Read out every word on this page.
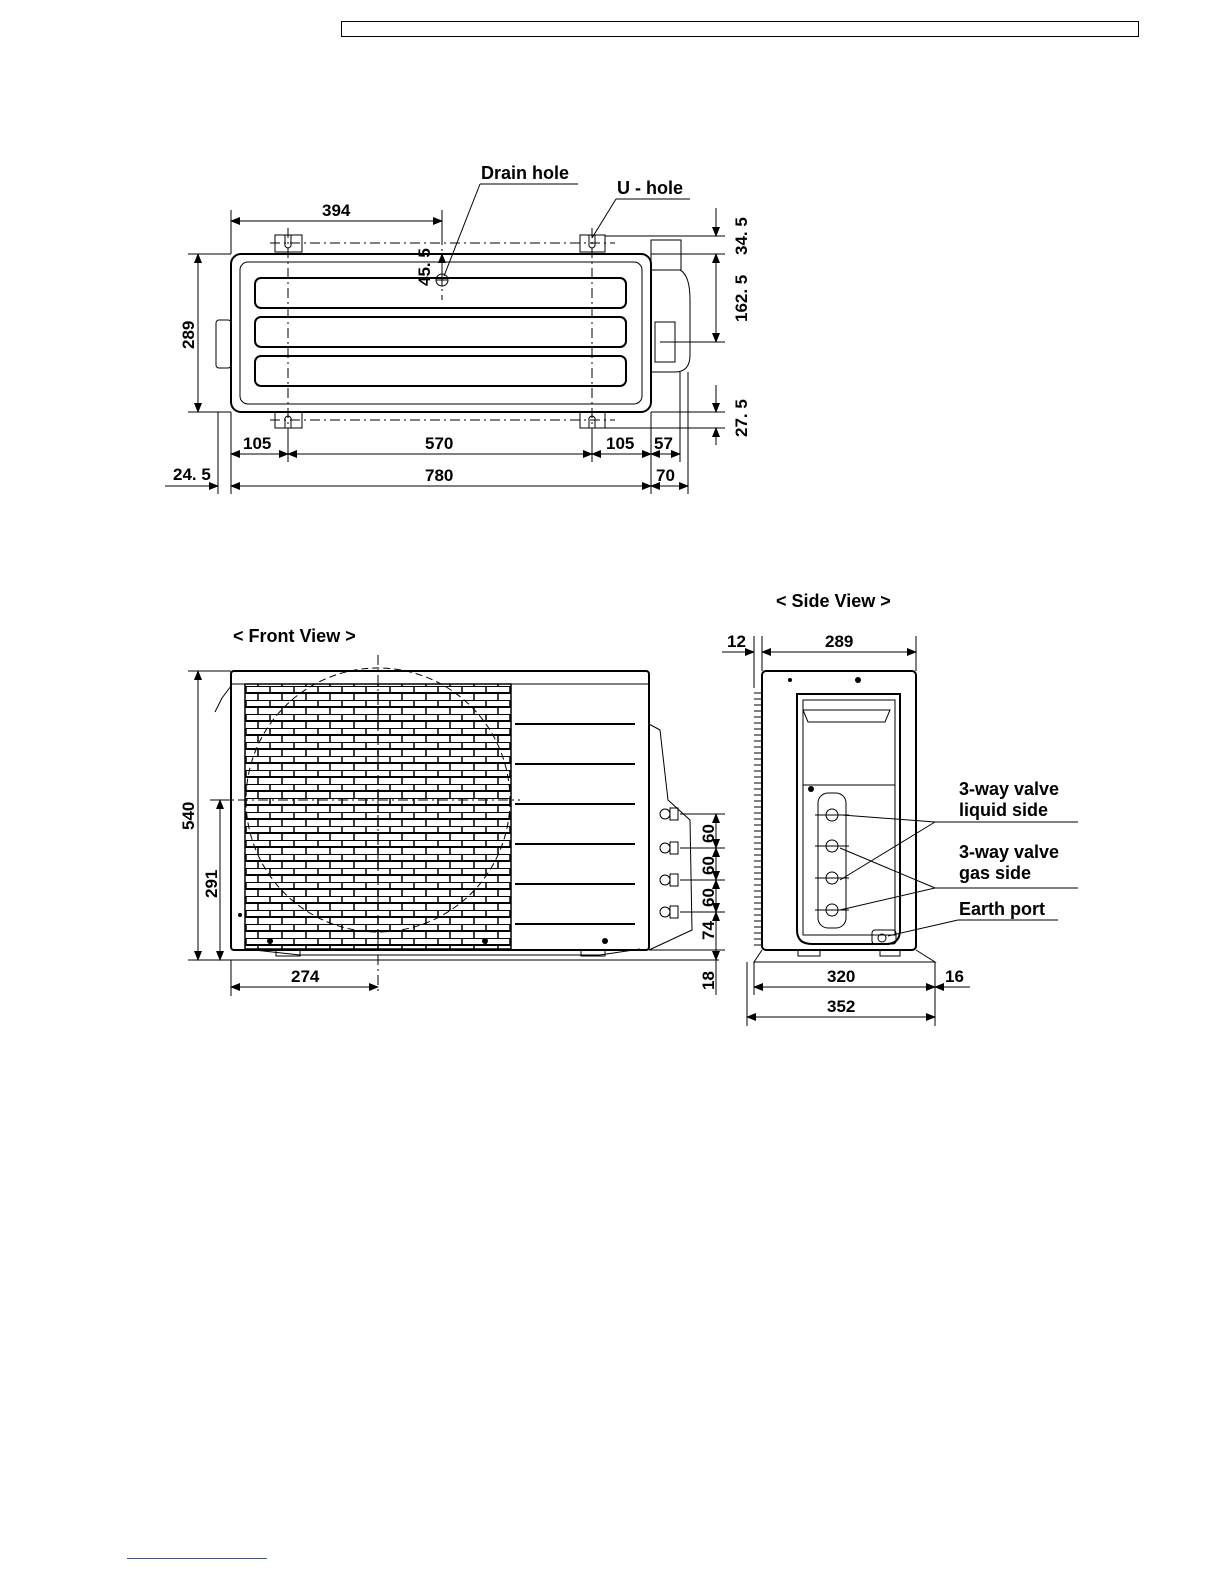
Drain hole
U - hole
394
45. 5
289
34. 5
162. 5
27. 5
105	570	105 57
24. 5	780	70
< Front View >
540
291
274
60
60
60
74
18
< Side View >
3-way valve
liquid side
3-way valve
gas side
Earth port
12	289
320	16
352
